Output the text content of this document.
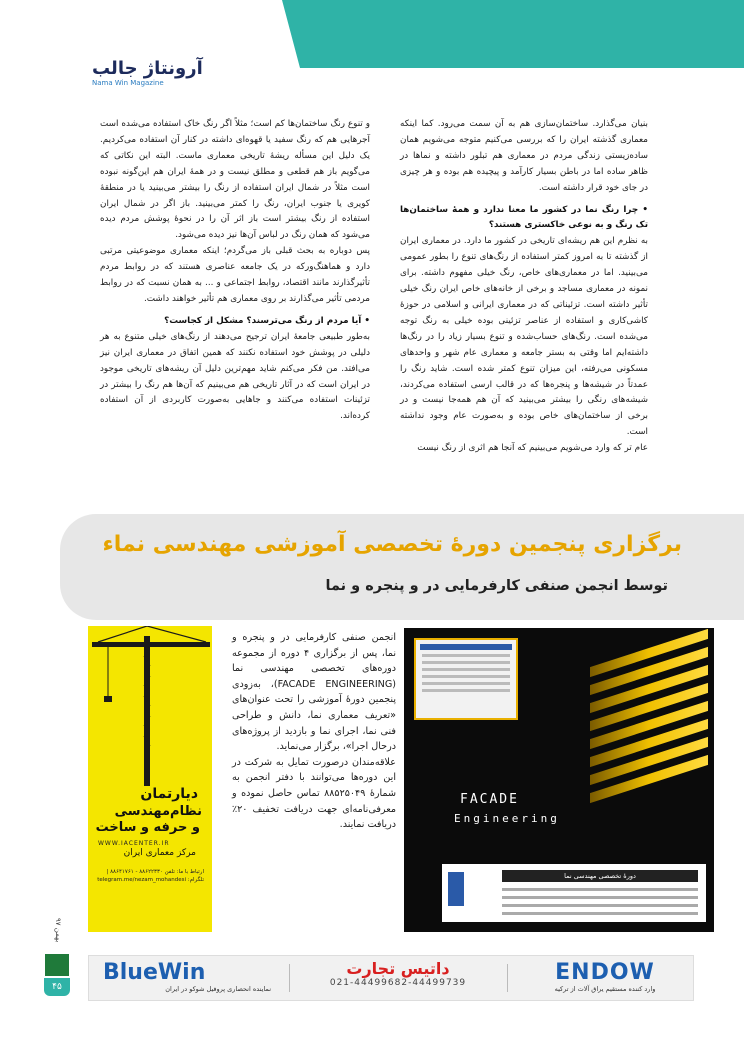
آرونتاژ جالب
Nama Win Magazine
بنیان می‌گذارد. ساختمان‌سازی هم به آن سمت می‌رود. کما اینکه معماری گذشته ایران را که بررسی می‌کنیم متوجه می‌شویم همان ساده‌زیستی زندگی مردم در معماری هم تبلور داشته و نماها در ظاهر ساده اما در باطن بسیار کارآمد و پیچیده هم بوده و هر چیزی در جای خود قرار داشته است.
• چرا رنگ نما در کشور ما معنا ندارد و همهٔ ساختمان‌ها تک رنگ و به نوعی خاکستری هستند؟
به نظرم این هم ریشه‌ای تاریخی در کشور ما دارد. در معماری ایران از گذشته تا به امروز کمتر استفاده از رنگ‌های تنوع را بطور عمومی می‌بینید. اما در معماری‌های خاص، رنگ خیلی مفهوم داشته. برای نمونه در معماری مساجد و برخی از خانه‌های خاص ایران رنگ خیلی تأثیر داشته است. تزئیناتی که در معماری ایرانی و اسلامی در حوزهٔ کاشی‌کاری و استفاده از عناصر تزئینی بوده خیلی به رنگ توجه می‌شده است. رنگ‌های حساب‌شده و تنوع بسیار زیاد را در رنگ‌ها داشته‌ایم اما وقتی به بستر جامعه و معماری عام شهر و واحدهای مسکونی می‌رفته، این میزان تنوع کمتر شده است. شاید رنگ را عمدتاً در شیشه‌ها و پنجره‌ها که در قالب ارسی استفاده می‌کردند، شیشه‌های رنگی را بیشتر می‌بینید که آن هم همه‌جا نیست و در برخی از ساختمان‌های خاص بوده و به‌صورت عام وجود نداشته است.
عام تر که وارد می‌شویم می‌بینیم که آنجا هم اثری از رنگ نیست
و تنوع رنگ ساختمان‌ها کم است؛ مثلاً اگر رنگ خاک استفاده می‌شده است آجرهایی هم که رنگ سفید یا قهوه‌ای داشته در کنار آن استفاده می‌کردیم. یک دلیل این مسأله ریشهٔ تاریخی معماری ماست. البته این نکاتی که می‌گویم باز هم قطعی و مطلق نیست و در همهٔ ایران هم این‌گونه نبوده است مثلاً در شمال ایران استفاده از رنگ را بیشتر می‌بینید یا در منطقهٔ کویری یا جنوب ایران، رنگ را کمتر می‌بینید. باز اگر در شمال ایران استفاده از رنگ بیشتر است باز اثر آن را در نحوهٔ پوشش مردم دیده می‌شود که همان رنگ در لباس آن‌ها نیز دیده می‌شود.
پس دوباره به بحث قبلی باز می‌گردم؛ اینکه معماری موضوعیتی مرتبی دارد و هماهنگ‌ورکه در یک جامعه عناصری هستند که در روابط مردم تأثیرگذارند مانند اقتصاد، روابط اجتماعی و ... به همان نسبت که در روابط مردمی تأثیر می‌گذارند بر روی معماری هم تأثیر خواهند داشت.
• آیا مردم از رنگ می‌ترسند؟ مشکل از کجاست؟
به‌طور طبیعی جامعهٔ ایران ترجیح می‌دهند از رنگ‌های خیلی متنوع به هر دلیلی در پوشش خود استفاده نکنند که همین اتفاق در معماری ایران نیز می‌افتد. من فکر می‌کنم شاید مهم‌ترین دلیل آن ریشه‌های تاریخی موجود در ایران است که در آثار تاریخی هم می‌بینیم که آن‌ها هم رنگ را بیشتر در تزئینات استفاده می‌کنند و جاهایی به‌صورت کاربردی از آن استفاده کرده‌اند.
برگزاری پنجمین دورهٔ تخصصی آموزشی مهندسی نماء
توسط انجمن صنفی کارفرمایی در و پنجره و نما
FACADE
Engineering
دورهٔ تخصصی مهندسی نما
انجمن صنفی کارفرمایی در و پنجره و نما، پس از برگزاری ۴ دوره از مجموعه دوره‌های تخصصی مهندسی نما (FACADE ENGINEERING)، به‌زودی پنجمین دورهٔ آموزشی را تحت عنوان‌های «تعریف معماری نما، دانش و طراحی فنی نما، اجرای نما و بازدید از پروژه‌های درحال اجرا»، برگزار می‌نماید.
علاقه‌مندان درصورت تمایل به شرکت در این دوره‌ها می‌توانند با دفتر انجمن به شمارهٔ ۸۸۵۲۵۰۴۹ تماس حاصل نموده و معرفی‌نامه‌ای جهت دریافت تخفیف ۲۰٪ دریافت نمایند.
دیارتمان
نظام‌مهندسی
و حرفه و ساخت
WWW.IACENTER.IR
مرکز معماری ایران
ارتباط با ما: تلفن ۸۸۶۲۲۳۳۰ - ۸۸۶۴۱۷۶۱ | تلگرام: telegram.me/nezam_mohandesi
بهمن ۹۷
۴۵
BlueWin
نماینده انحصاری پروفیل شوکو در ایران
داتیس تجارت
021-44499682-44499739	ENDOW
وارد کننده مستقیم یراق آلات از ترکیه
